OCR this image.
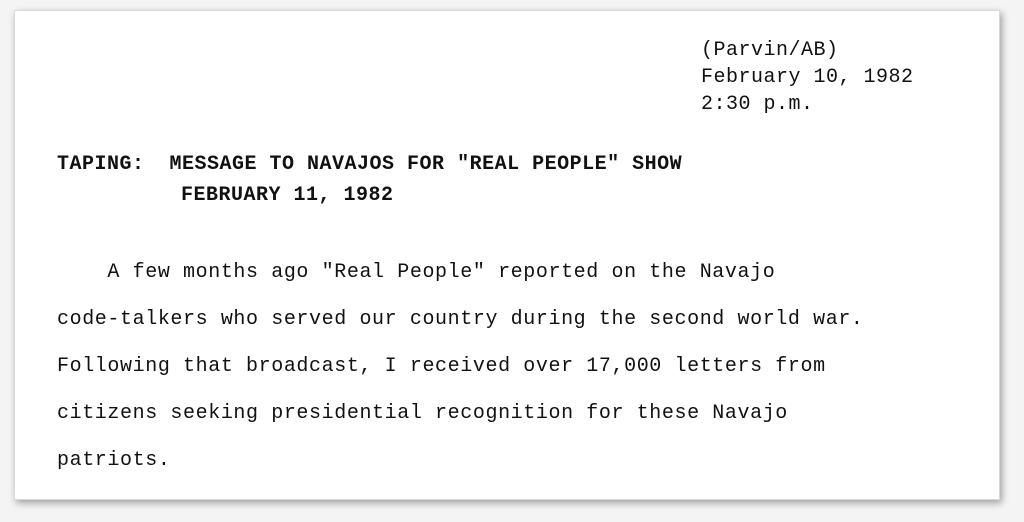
(Parvin/AB)
February 10, 1982
2:30 p.m.
TAPING:  MESSAGE TO NAVAJOS FOR "REAL PEOPLE" SHOW
FEBRUARY 11, 1982
A few months ago "Real People" reported on the Navajo
code-talkers who served our country during the second world war.
Following that broadcast, I received over 17,000 letters from
citizens seeking presidential recognition for these Navajo
patriots.
